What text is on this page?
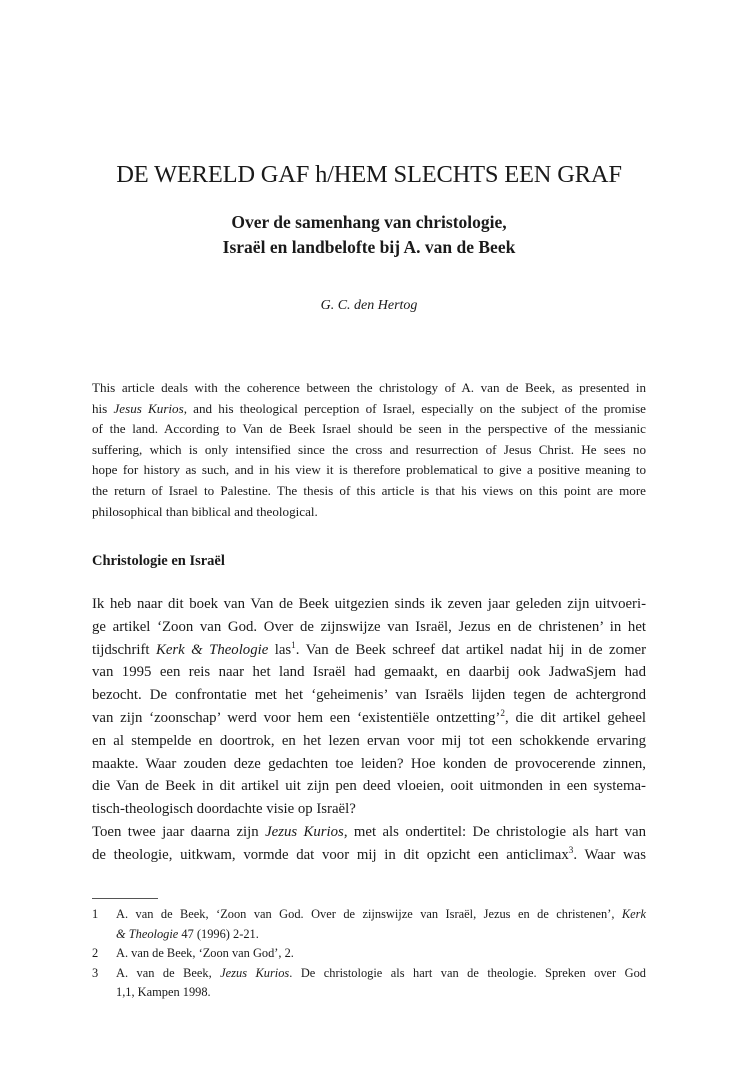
DE WERELD GAF h/HEM SLECHTS EEN GRAF
Over de samenhang van christologie,
Israël en landbelofte bij A. van de Beek
G. C. den Hertog
This article deals with the coherence between the christology of A. van de Beek, as presented in
his Jesus Kurios, and his theological perception of Israel, especially on the subject of the promise
of the land. According to Van de Beek Israel should be seen in the perspective of the messianic
suffering, which is only intensified since the cross and resurrection of Jesus Christ. He sees no
hope for history as such, and in his view it is therefore problematical to give a positive meaning to
the return of Israel to Palestine. The thesis of this article is that his views on this point are more
philosophical than biblical and theological.
Christologie en Israël
Ik heb naar dit boek van Van de Beek uitgezien sinds ik zeven jaar geleden zijn uitvoeri-
ge artikel ‘Zoon van God. Over de zijnswijze van Israël, Jezus en de christenen’ in het
tijdschrift Kerk & Theologie las$^1$. Van de Beek schreef dat artikel nadat hij in de zomer
van 1995 een reis naar het land Israël had gemaakt, en daarbij ook JadwaSjem had
bezocht. De confrontatie met het ‘geheimenis’ van Israëls lijden tegen de achtergrond
van zijn ‘zoonschap’ werd voor hem een ‘existentiële ontzetting’$^2$, die dit artikel geheel
en al stempelde en doortrok, en het lezen ervan voor mij tot een schokkende ervaring
maakte. Waar zouden deze gedachten toe leiden? Hoe konden de provocerende zinnen,
die Van de Beek in dit artikel uit zijn pen deed vloeien, ooit uitmonden in een systema-
tisch-theologisch doordachte visie op Israël?
Toen twee jaar daarna zijn Jezus Kurios, met als ondertitel: De christologie als hart van
de theologie, uitkwam, vormde dat voor mij in dit opzicht een anticlimax$^3$. Waar was
1 A. van de Beek, ‘Zoon van God. Over de zijnswijze van Israël, Jezus en de christenen’, Kerk
& Theologie 47 (1996) 2-21.
2 A. van de Beek, ‘Zoon van God’, 2.
3 A. van de Beek, Jezus Kurios. De christologie als hart van de theologie. Spreken over God
1,1, Kampen 1998.
